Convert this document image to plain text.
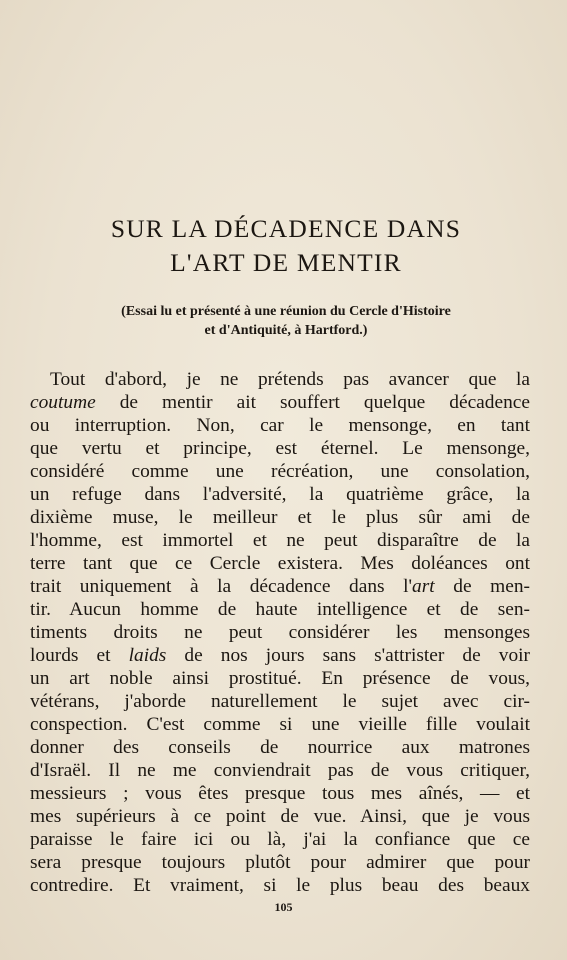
SUR LA DÉCADENCE DANS
L'ART DE MENTIR

(Essai lu et présenté à une réunion du Cercle d'Histoire
et d'Antiquité, à Hartford.)

Tout d'abord, je ne prétends pas avancer que la
coutume de mentir ait souffert quelque décadence
ou interruption. Non, car le mensonge, en tant
que vertu et principe, est éternel. Le mensonge,
considéré comme une récréation, une consolation,
un refuge dans l'adversité, la quatrième grâce, la
dixième muse, le meilleur et le plus sûr ami de
l'homme, est immortel et ne peut disparaître de la
terre tant que ce Cercle existera. Mes doléances ont
trait uniquement à la décadence dans l'art de men-
tir. Aucun homme de haute intelligence et de sen-
timents droits ne peut considérer les mensonges
lourds et laids de nos jours sans s'attrister de voir
un art noble ainsi prostitué. En présence de vous,
vétérans, j'aborde naturellement le sujet avec cir-
conspection. C'est comme si une vieille fille voulait
donner des conseils de nourrice aux matrones
d'Israël. Il ne me conviendrait pas de vous critiquer,
messieurs ; vous êtes presque tous mes aînés, — et
mes supérieurs à ce point de vue. Ainsi, que je vous
paraisse le faire ici ou là, j'ai la confiance que ce
sera presque toujours plutôt pour admirer que pour
contredire. Et vraiment, si le plus beau des beaux
105
